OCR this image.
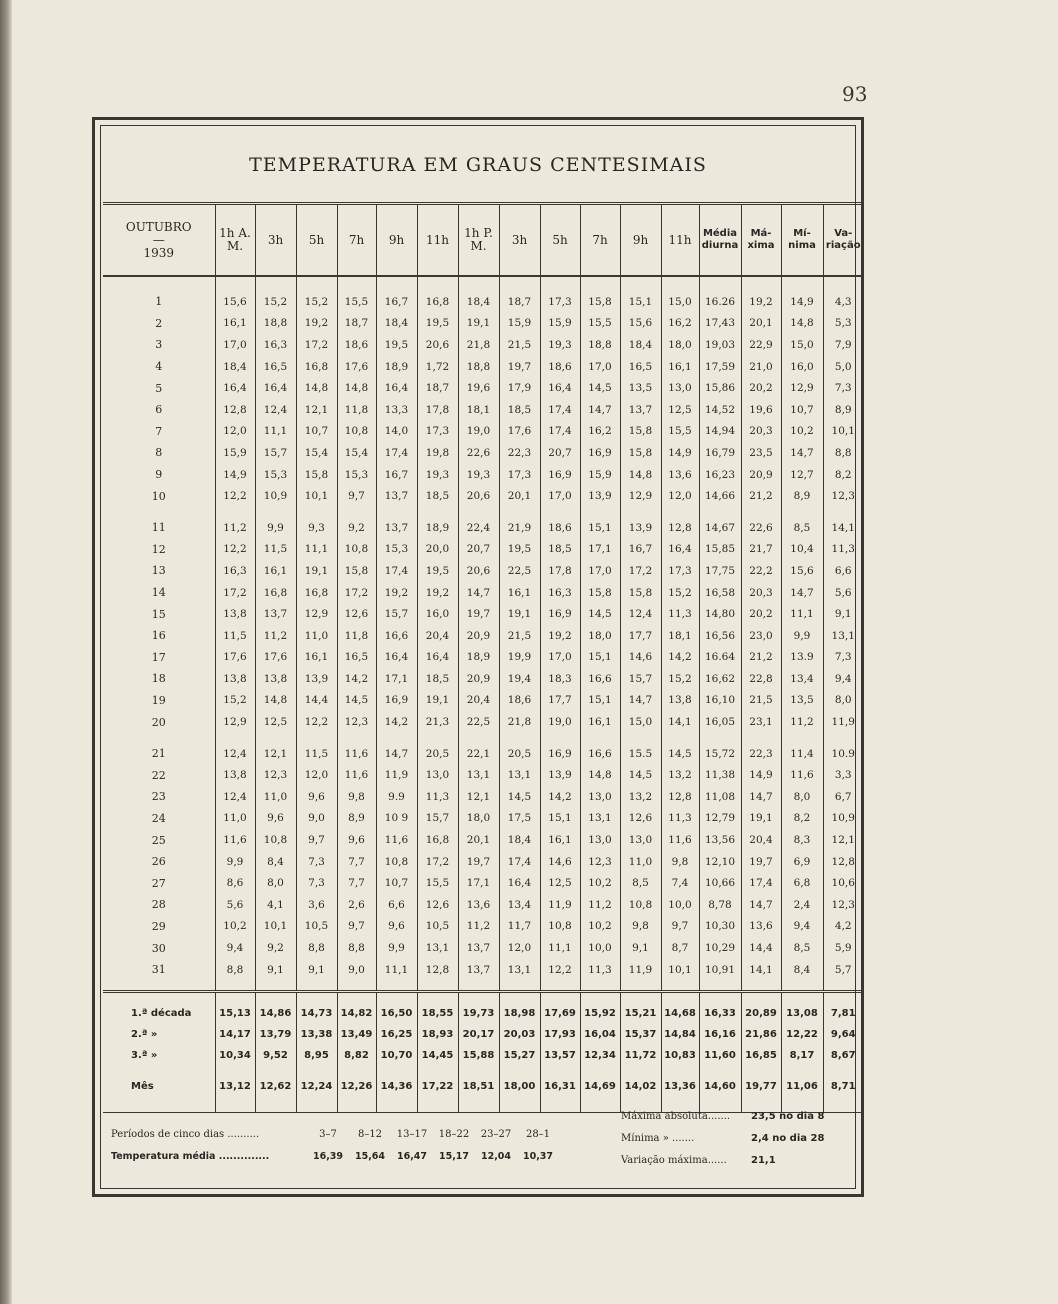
93
TEMPERATURA EM GRAUS CENTESIMAIS
OUTUBRO
—
1939	1h A. M.	3h	5h	7h	9h	11h	1h P. M.	3h	5h	7h	9h	11h	Média diurna	Má- xima	Mí- nima	Va- riação

1	15,6	15,2	15,2	15,5	16,7	16,8	18,4	18,7	17,3	15,8	15,1	15,0	16.26	19,2	14,9	4,3
2	16,1	18,8	19,2	18,7	18,4	19,5	19,1	15,9	15,9	15,5	15,6	16,2	17,43	20,1	14,8	5,3
3	17,0	16,3	17,2	18,6	19,5	20,6	21,8	21,5	19,3	18,8	18,4	18,0	19,03	22,9	15,0	7,9
4	18,4	16,5	16,8	17,6	18,9	1,72	18,8	19,7	18,6	17,0	16,5	16,1	17,59	21,0	16,0	5,0
5	16,4	16,4	14,8	14,8	16,4	18,7	19,6	17,9	16,4	14,5	13,5	13,0	15,86	20,2	12,9	7,3
6	12,8	12,4	12,1	11,8	13,3	17,8	18,1	18,5	17,4	14,7	13,7	12,5	14,52	19,6	10,7	8,9
7	12,0	11,1	10,7	10,8	14,0	17,3	19,0	17,6	17,4	16,2	15,8	15,5	14,94	20,3	10,2	10,1
8	15,9	15,7	15,4	15,4	17,4	19,8	22,6	22,3	20,7	16,9	15,8	14,9	16,79	23,5	14,7	8,8
9	14,9	15,3	15,8	15,3	16,7	19,3	19,3	17,3	16,9	15,9	14,8	13,6	16,23	20,9	12,7	8,2
10	12,2	10,9	10,1	9,7	13,7	18,5	20,6	20,1	17,0	13,9	12,9	12,0	14,66	21,2	8,9	12,3

11	11,2	9,9	9,3	9,2	13,7	18,9	22,4	21,9	18,6	15,1	13,9	12,8	14,67	22,6	8,5	14,1
12	12,2	11,5	11,1	10,8	15,3	20,0	20,7	19,5	18,5	17,1	16,7	16,4	15,85	21,7	10,4	11,3
13	16,3	16,1	19,1	15,8	17,4	19,5	20,6	22,5	17,8	17,0	17,2	17,3	17,75	22,2	15,6	6,6
14	17,2	16,8	16,8	17,2	19,2	19,2	14,7	16,1	16,3	15,8	15,8	15,2	16,58	20,3	14,7	5,6
15	13,8	13,7	12,9	12,6	15,7	16,0	19,7	19,1	16,9	14,5	12,4	11,3	14,80	20,2	11,1	9,1
16	11,5	11,2	11,0	11,8	16,6	20,4	20,9	21,5	19,2	18,0	17,7	18,1	16,56	23,0	9,9	13,1
17	17,6	17,6	16,1	16,5	16,4	16,4	18,9	19,9	17,0	15,1	14,6	14,2	16.64	21,2	13.9	7,3
18	13,8	13,8	13,9	14,2	17,1	18,5	20,9	19,4	18,3	16,6	15,7	15,2	16,62	22,8	13,4	9,4
19	15,2	14,8	14,4	14,5	16,9	19,1	20,4	18,6	17,7	15,1	14,7	13,8	16,10	21,5	13,5	8,0
20	12,9	12,5	12,2	12,3	14,2	21,3	22,5	21,8	19,0	16,1	15,0	14,1	16,05	23,1	11,2	11,9

21	12,4	12,1	11,5	11,6	14,7	20,5	22,1	20,5	16,9	16,6	15.5	14,5	15,72	22,3	11,4	10.9
22	13,8	12,3	12,0	11,6	11,9	13,0	13,1	13,1	13,9	14,8	14,5	13,2	11,38	14,9	11,6	3,3
23	12,4	11,0	9,6	9,8	9.9	11,3	12,1	14,5	14,2	13,0	13,2	12,8	11,08	14,7	8,0	6,7
24	11,0	9,6	9,0	8,9	10 9	15,7	18,0	17,5	15,1	13,1	12,6	11,3	12,79	19,1	8,2	10,9
25	11,6	10,8	9,7	9,6	11,6	16,8	20,1	18,4	16,1	13,0	13,0	11,6	13,56	20,4	8,3	12,1
26	9,9	8,4	7,3	7,7	10,8	17,2	19,7	17,4	14,6	12,3	11,0	9,8	12,10	19,7	6,9	12,8
27	8,6	8,0	7,3	7,7	10,7	15,5	17,1	16,4	12,5	10,2	8,5	7,4	10,66	17,4	6,8	10,6
28	5,6	4,1	3,6	2,6	6,6	12,6	13,6	13,4	11,9	11,2	10,8	10,0	8,78	14,7	2,4	12,3
29	10,2	10,1	10,5	9,7	9,6	10,5	11,2	11,7	10,8	10,2	9,8	9,7	10,30	13,6	9,4	4,2
30	9,4	9,2	8,8	8,8	9,9	13,1	13,7	12,0	11,1	10,0	9,1	8,7	10,29	14,4	8,5	5,9
31	8,8	9,1	9,1	9,0	11,1	12,8	13,7	13,1	12,2	11,3	11,9	10,1	10,91	14,1	8,4	5,7

1.ª década	15,13	14,86	14,73	14,82	16,50	18,55	19,73	18,98	17,69	15,92	15,21	14,68	16,33	20,89	13,08	7,81
2.ª »	14,17	13,79	13,38	13,49	16,25	18,93	20,17	20,03	17,93	16,04	15,37	14,84	16,16	21,86	12,22	9,64
3.ª »	10,34	9,52	8,95	8,82	10,70	14,45	15,88	15,27	13,57	12,34	11,72	10,83	11,60	16,85	8,17	8,67
Mês	13,12	12,62	12,24	12,26	14,36	17,22	18,51	18,00	16,31	14,69	14,02	13,36	14,60	19,77	11,06	8,71

Períodos de cinco dias ..........	3–7 8–12 13–17 18–22 23–27 28–1
Temperatura média ..............	16,39 15,64 16,47 15,17 12,04 10,37
Máxima absoluta....... 23,5 no dia 8
Mínima » .......	2,4 no dia 28
Variação máxima...... 21,1
